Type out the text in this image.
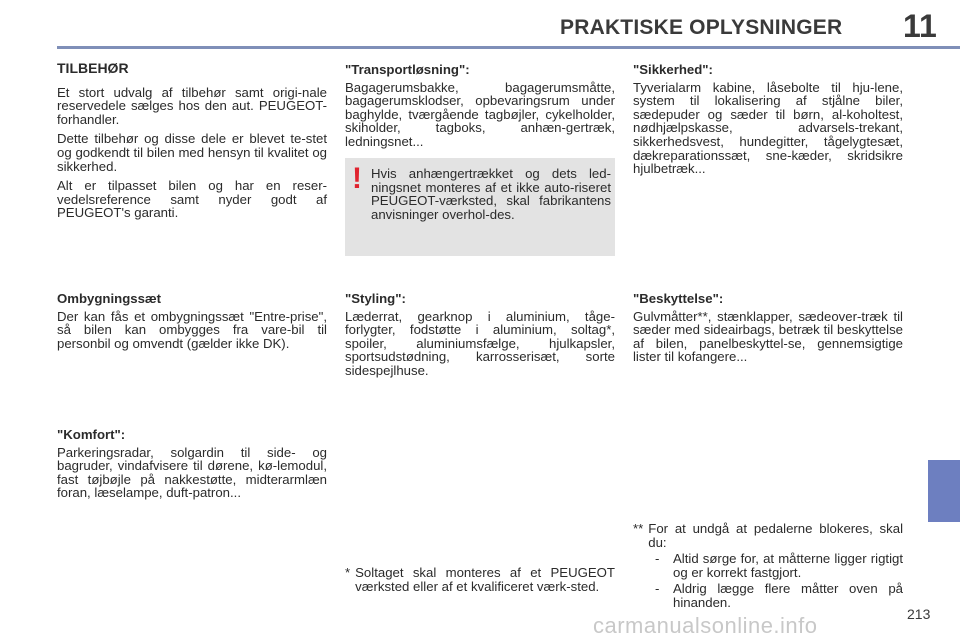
PRAKTISKE OPLYSNINGER 11
TILBEHØR

Et stort udvalg af tilbehør samt origi-nale reservedele sælges hos den aut. PEUGEOT-forhandler.

Dette tilbehør og disse dele er blevet te-stet og godkendt til bilen med hensyn til kvalitet og sikkerhed.

Alt er tilpasset bilen og har en reser-vedelsreference samt nyder godt af PEUGEOT's garanti.

Ombygningssæt

Der kan fås et ombygningssæt "Entre-prise", så bilen kan ombygges fra vare-bil til personbil og omvendt (gælder ikke DK).

"Komfort":

Parkeringsradar, solgardin til side- og bagruder, vindafvisere til dørene, kø-lemodul, fast tøjbøjle på nakkestøtte, midterarmlæn foran, læselampe, duft-patron...

"Transportløsning":

Bagagerumsbakke, bagagerumsmåtte, bagagerumsklodser, opbevaringsrum under baghylde, tværgående tagbøjler, cykelholder, skiholder, tagboks, anhæn-gertræk, ledningsnet...

! Hvis anhængertrækket og dets led-ningsnet monteres af et ikke auto-riseret PEUGEOT-værksted, skal fabrikantens anvisninger overhol-des.
"Styling":

Læderrat, gearknop i aluminium, tåge-forlygter, fodstøtte i aluminium, soltag*, spoiler, aluminiumsfælge, hjulkapsler, sportsudstødning, karrosserisæt, sorte sidespejlhuse.

* Soltaget skal monteres af et PEUGEOT værksted eller af et kvalificeret værk-sted.
"Sikkerhed":

Tyverialarm kabine, låsebolte til hju-lene, system til lokalisering af stjålne biler, sædepuder og sæder til børn, al-koholtest, nødhjælpskasse, advarsels-trekant, sikkerhedsvest, hundegitter, tågelygtesæt, dækreparationssæt, sne-kæder, skridsikre hjulbetræk...

"Beskyttelse":

Gulvmåtter**, stænklapper, sædeover-træk til sæder med sideairbags, betræk til beskyttelse af bilen, panelbeskyttel-se, gennemsigtige lister til kofangere...

** For at undgå at pedalerne blokeres, skal du:
-	Altid sørge for, at måtterne ligger rigtigt og er korrekt fastgjort.
-	Aldrig lægge flere måtter oven på hinanden.
carmanualsonline.info	213
